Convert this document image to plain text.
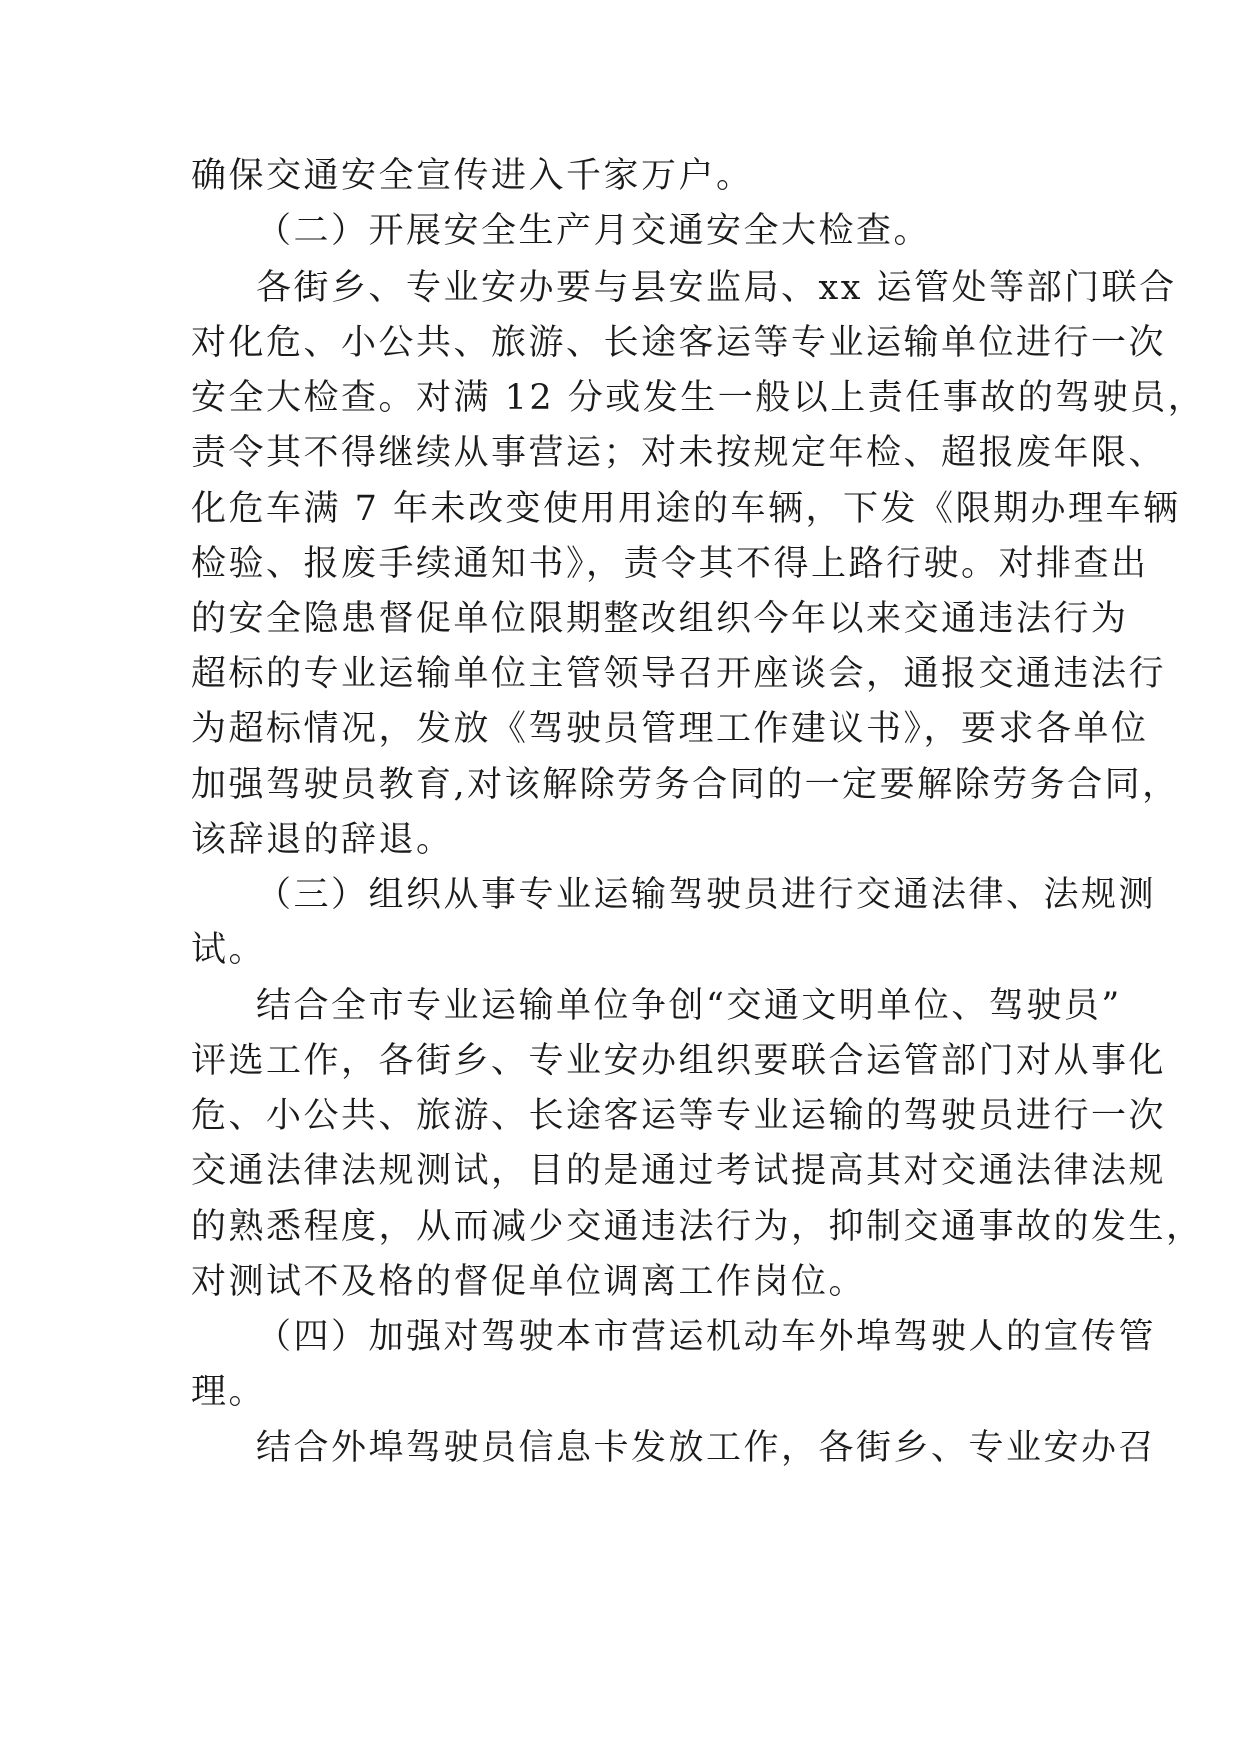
确保交通安全宣传进入千家万户。
（二）开展安全生产月交通安全大检查。
各街乡、专业安办要与县安监局、xx 运管处等部门联合
对化危、小公共、旅游、长途客运等专业运输单位进行一次
安全大检查。对满 12 分或发生一般以上责任事故的驾驶员，
责令其不得继续从事营运；对未按规定年检、超报废年限、
化危车满 7 年未改变使用用途的车辆，下发《限期办理车辆
检验、报废手续通知书》，责令其不得上路行驶。对排查出
的安全隐患督促单位限期整改组织今年以来交通违法行为
超标的专业运输单位主管领导召开座谈会，通报交通违法行
为超标情况，发放《驾驶员管理工作建议书》，要求各单位
加强驾驶员教育,对该解除劳务合同的一定要解除劳务合同，
该辞退的辞退。
（三）组织从事专业运输驾驶员进行交通法律、法规测
试。
结合全市专业运输单位争创“交通文明单位、驾驶员”
评选工作，各街乡、专业安办组织要联合运管部门对从事化
危、小公共、旅游、长途客运等专业运输的驾驶员进行一次
交通法律法规测试，目的是通过考试提高其对交通法律法规
的熟悉程度，从而减少交通违法行为，抑制交通事故的发生，
对测试不及格的督促单位调离工作岗位。
（四）加强对驾驶本市营运机动车外埠驾驶人的宣传管
理。
结合外埠驾驶员信息卡发放工作，各街乡、专业安办召
